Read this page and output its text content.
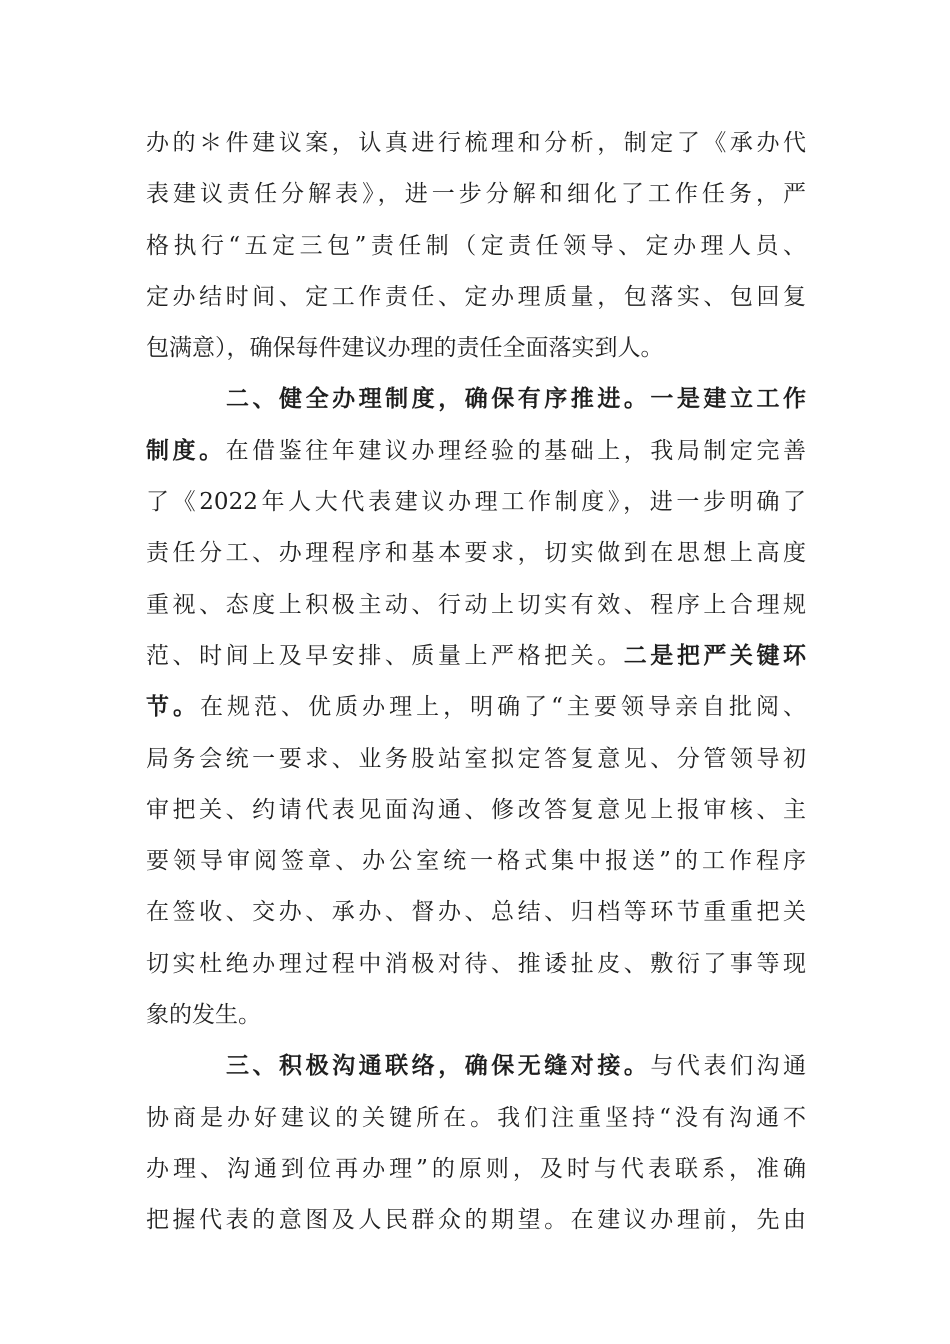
办的＊件建议案，认真进行梳理和分析，制定了《承办代
表建议责任分解表》，进一步分解和细化了工作任务，严
格执行“五定三包”责任制（定责任领导、定办理人员、
定办结时间、定工作责任、定办理质量，包落实、包回复
包满意），确保每件建议办理的责任全面落实到人。
二、健全办理制度，确保有序推进。一是建立工作
制度。在借鉴往年建议办理经验的基础上，我局制定完善
了《2022年人大代表建议办理工作制度》，进一步明确了
责任分工、办理程序和基本要求，切实做到在思想上高度
重视、态度上积极主动、行动上切实有效、程序上合理规
范、时间上及早安排、质量上严格把关。二是把严关键环
节。在规范、优质办理上，明确了“主要领导亲自批阅、
局务会统一要求、业务股站室拟定答复意见、分管领导初
审把关、约请代表见面沟通、修改答复意见上报审核、主
要领导审阅签章、办公室统一格式集中报送”的工作程序
在签收、交办、承办、督办、总结、归档等环节重重把关
切实杜绝办理过程中消极对待、推诿扯皮、敷衍了事等现
象的发生。
三、积极沟通联络，确保无缝对接。与代表们沟通
协商是办好建议的关键所在。我们注重坚持“没有沟通不
办理、沟通到位再办理”的原则，及时与代表联系，准确
把握代表的意图及人民群众的期望。在建议办理前，先由
